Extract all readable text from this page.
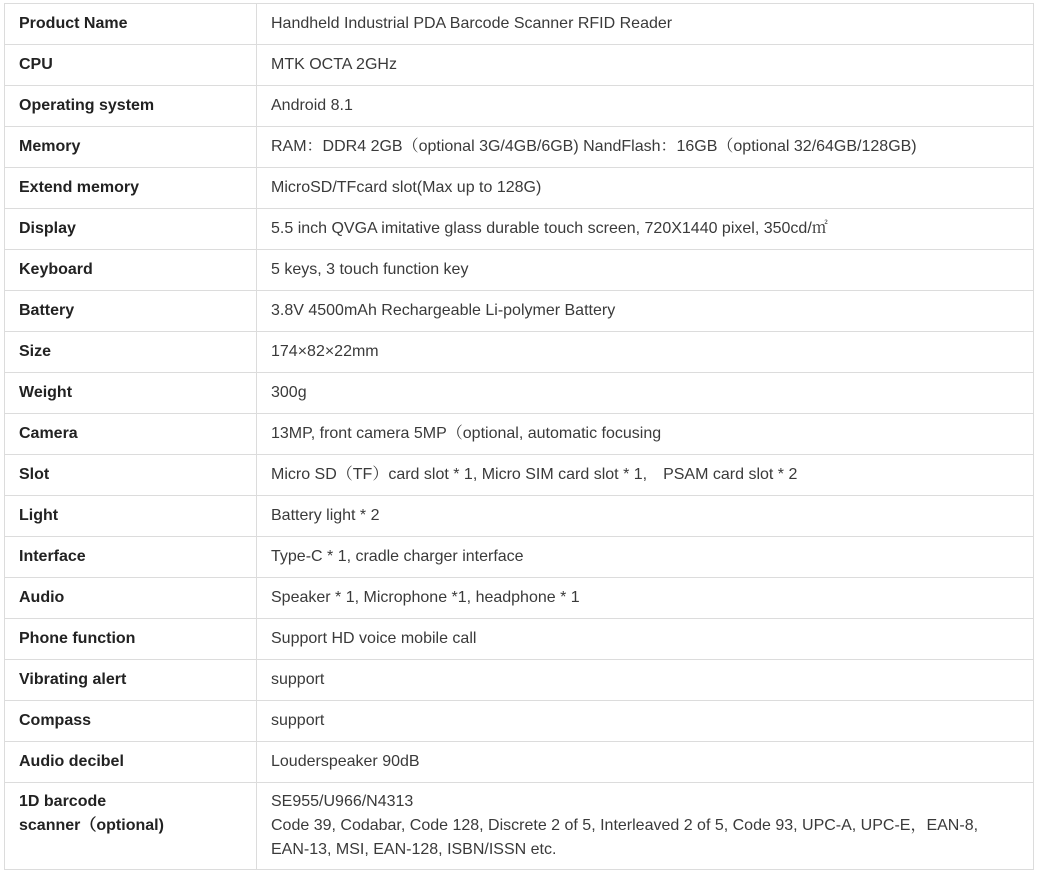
Product Name	Handheld Industrial PDA Barcode Scanner RFID Reader
CPU	MTK OCTA 2GHz
Operating system	Android 8.1
Memory	RAM：DDR4 2GB（optional 3G/4GB/6GB) NandFlash：16GB（optional 32/64GB/128GB)
Extend memory	MicroSD/TFcard slot(Max up to 128G)
Display	5.5 inch QVGA imitative glass durable touch screen, 720X1440 pixel, 350cd/㎡
Keyboard	5 keys, 3 touch function key
Battery	3.8V 4500mAh Rechargeable Li-polymer Battery
Size	174×82×22mm
Weight	300g
Camera	13MP, front camera 5MP（optional, automatic focusing
Slot	Micro SD（TF）card slot * 1, Micro SIM card slot * 1,　PSAM card slot * 2
Light	Battery light * 2
Interface	Type-C * 1, cradle charger interface
Audio	Speaker * 1, Microphone *1, headphone * 1
Phone function	Support HD voice mobile call
Vibrating alert	support
Compass	support
Audio decibel	Louderspeaker 90dB

1D barcode
scanner（optional)	SE955/U966/N4313
Code 39, Codabar, Code 128, Discrete 2 of 5, Interleaved 2 of 5, Code 93, UPC-A, UPC-E，EAN-8,
EAN-13, MSI, EAN-128, ISBN/ISSN etc.
